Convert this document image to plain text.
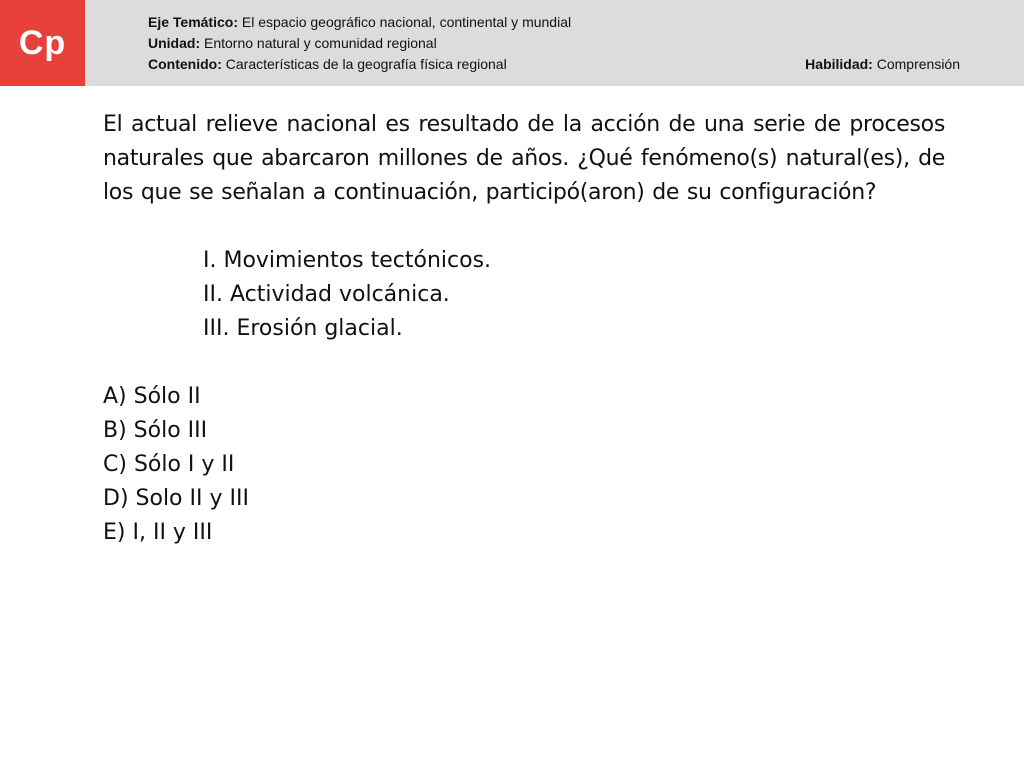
Cp
Eje Temático: El espacio geográfico nacional, continental y mundial
Unidad: Entorno natural y comunidad regional
Contenido: Características de la geografía física regional	Habilidad: Comprensión

El actual relieve nacional es resultado de la acción de una serie de procesos naturales que abarcaron millones de años. ¿Qué fenómeno(s) natural(es), de los que se señalan a continuación, participó(aron) de su configuración?

I. Movimientos tectónicos.
II. Actividad volcánica.
III. Erosión glacial.
A) Sólo II
B) Sólo III
C) Sólo I y II
D) Solo II y III
E) I, II y III
